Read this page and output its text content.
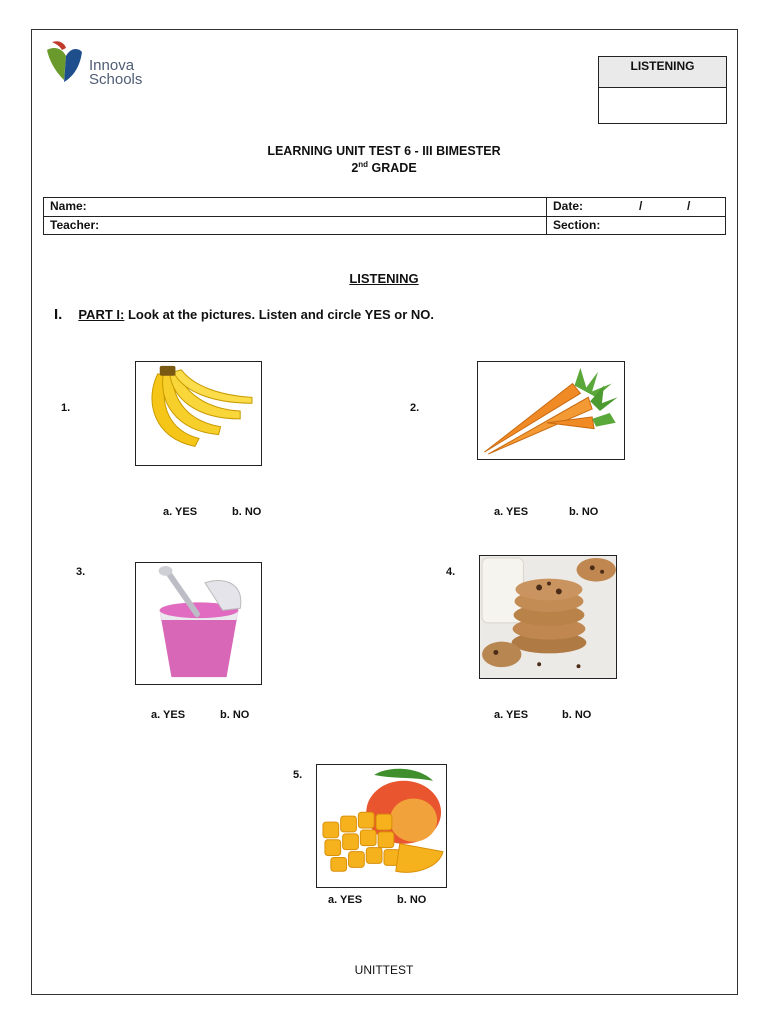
Innova
Schools
LISTENING
LEARNING UNIT TEST 6 - III BIMESTER
2nd GRADE
Name:	Date:	/	/
Teacher:	Section:
LISTENING
I. PART I: Look at the pictures. Listen and circle YES or NO.
1.
a. YES	b. NO
2.
a. YES	b. NO
3.
a. YES	b. NO
4.
a. YES	b. NO
5.
a. YES	b. NO
UNITTEST
